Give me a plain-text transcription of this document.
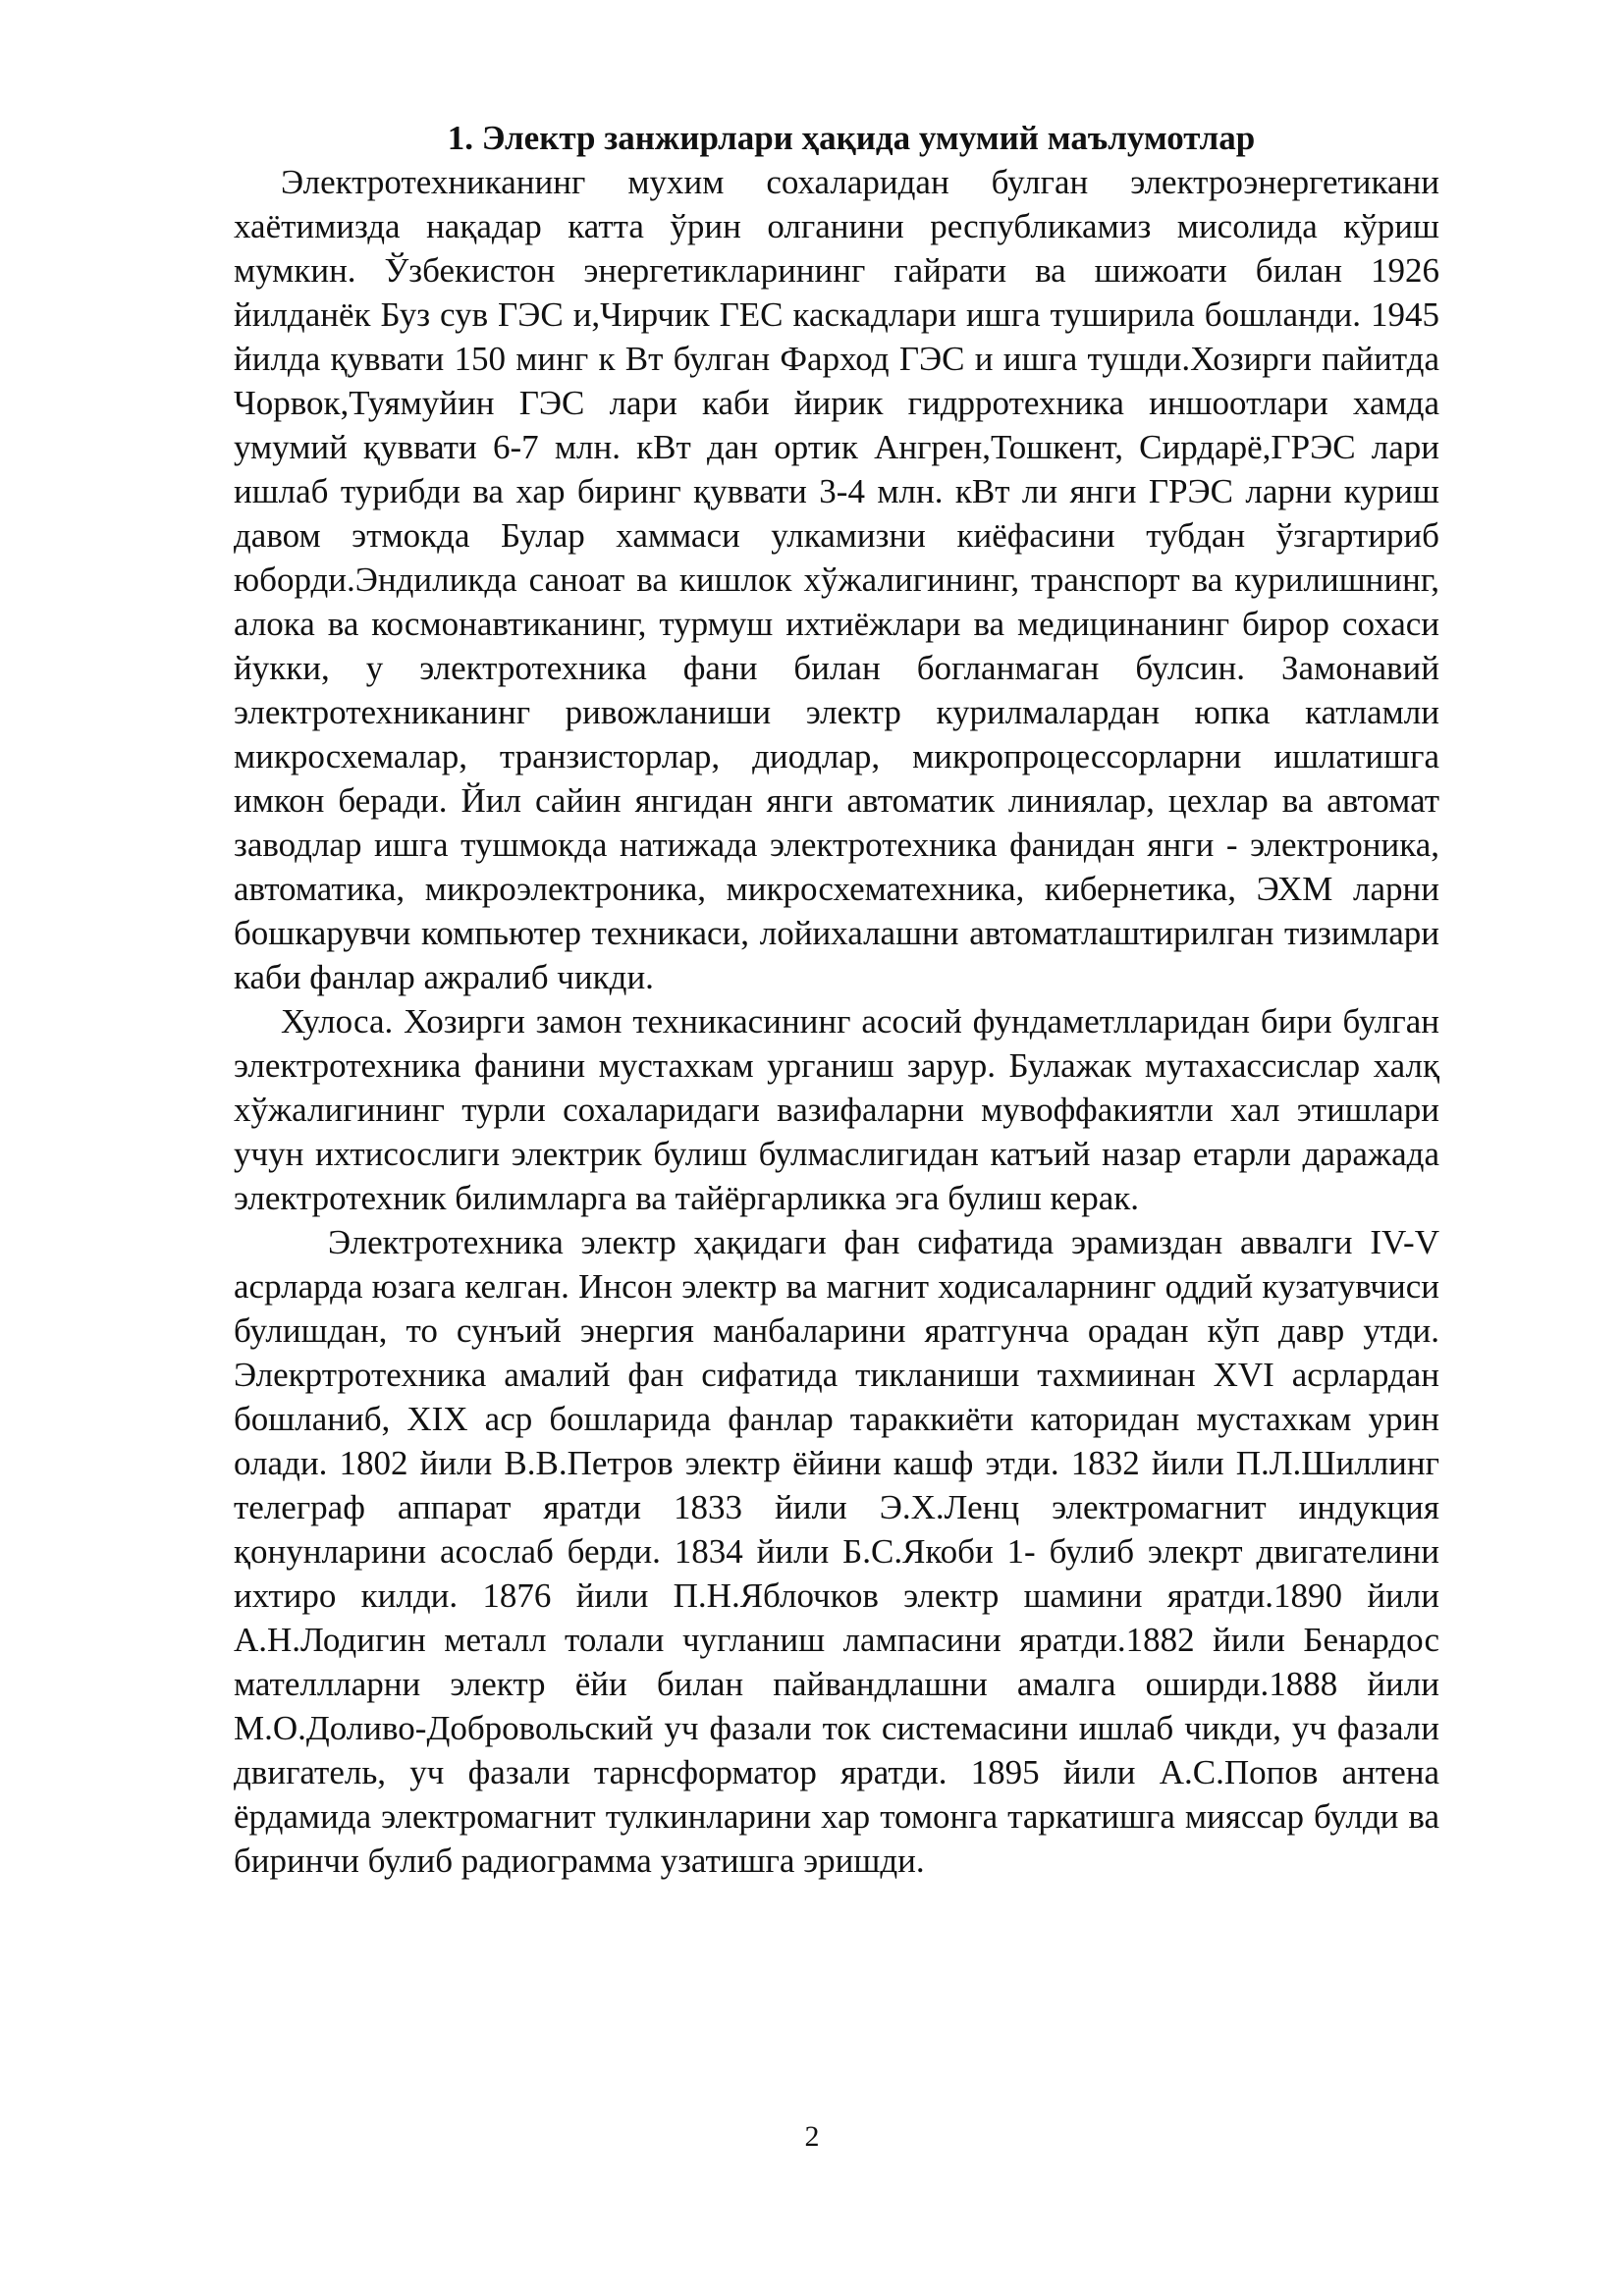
1. Электр занжирлари ҳақида умумий маълумотлар

Электротехниканинг мухим сохаларидан булган электроэнергетикани хаётимизда нақадар катта ўрин олганини республикамиз мисолида кўриш мумкин. Ўзбекистон энергетикларининг гайрати ва шижоати билан 1926 йилданёк Буз сув ГЭС и,Чирчик ГЕС каскадлари ишга туширила бошланди. 1945 йилда қуввати 150 минг к Вт булган Фарход ГЭС и ишга тушди.Хозирги пайитда Чорвок,Туямуйин ГЭС лари каби йирик гидрротехника иншоотлари хамда умумий қуввати 6-7 млн. кВт дан ортик Ангрен,Тошкент, Сирдарё,ГРЭС лари ишлаб турибди ва хар биринг қуввати 3-4 млн. кВт ли янги ГРЭС ларни куриш давом этмокда Булар хаммаси улкамизни киёфасини тубдан ўзгартириб юборди.Эндиликда саноат ва кишлок хўжалигининг, транспорт ва курилишнинг, алока ва космонавтиканинг, турмуш ихтиёжлари ва медицинанинг бирор сохаси йукки, у электротехника фани билан богланмаган булсин. Замонавий электротехниканинг ривожланиши электр курилмалардан юпка катламли микросхемалар, транзисторлар, диодлар, микропроцессорларни ишлатишга имкон беради. Йил сайин янгидан янги автоматик линиялар, цехлар ва автомат заводлар ишга тушмокда натижада электротехника фанидан янги - электроника, автоматика, микроэлектроника, микросхематехника, кибернетика, ЭХМ ларни бошкарувчи компьютер техникаси, лойихалашни автоматлаштирилган тизимлари каби фанлар ажралиб чикди.

Хулоса. Хозирги замон техникасининг асосий фундаметлларидан бири булган электротехника фанини мустахкам урганиш зарур. Булажак мутахассислар халқ хўжалигининг турли сохаларидаги вазифаларни мувоффакиятли хал этишлари учун ихтисослиги электрик булиш булмаслигидан катъий назар етарли даражада электротехник билимларга ва тайёргарликка эга булиш керак.

Электротехника электр ҳақидаги фан сифатида эрамиздан аввалги IV-V асрларда юзага келган. Инсон электр ва магнит ходисаларнинг оддий кузатувчиси булишдан, то сунъий энергия манбаларини яратгунча орадан кўп давр утди. Элекртротехника амалий фан сифатида тикланиши тахмиинан XVI асрлардан бошланиб, XIX аср бошларида фанлар тараккиёти каторидан мустахкам урин олади. 1802 йили В.В.Петров электр ёйини кашф этди. 1832 йили П.Л.Шиллинг телеграф аппарат яратди 1833 йили Э.Х.Ленц электромагнит индукция қонунларини асослаб берди. 1834 йили Б.С.Якоби 1- булиб элекрт двигателини ихтиро килди. 1876 йили П.Н.Яблочков электр шамини яратди.1890 йили А.Н.Лодигин металл толали чугланиш лампасини яратди.1882 йили Бенардос мателлларни электр ёйи билан пайвандлашни амалга оширди.1888 йили М.О.Доливо-Добровольский уч фазали ток системасини ишлаб чикди, уч фазали двигатель, уч фазали тарнсформатор яратди. 1895 йили А.С.Попов антена ёрдамида электромагнит тулкинларини хар томонга таркатишга миясcар булди ва биринчи булиб радиограмма узатишга эришди.

2
